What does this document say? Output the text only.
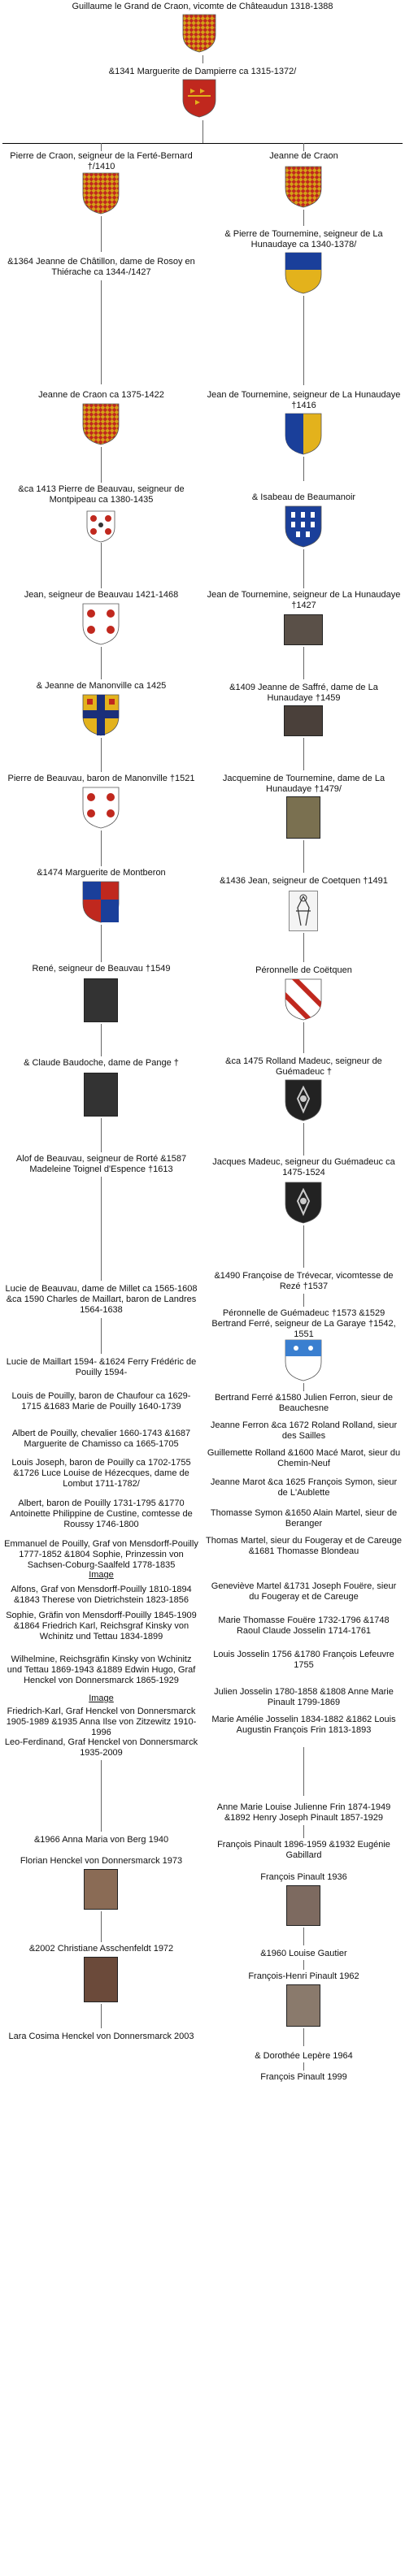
Guillaume le Grand de Craon, vicomte de Châteaudun 1318-1388
&1341 Marguerite de Dampierre ca 1315-1372/
Pierre de Craon, seigneur de la Ferté-Bernard †/1410
&1364 Jeanne de Châtillon, dame de Rosoy en Thiérache ca 1344-/1427
Jeanne de Craon ca 1375-1422
&ca 1413 Pierre de Beauvau, seigneur de Montpipeau ca 1380-1435
Jean, seigneur de Beauvau 1421-1468
& Jeanne de Manonville ca 1425
Pierre de Beauvau, baron de Manonville †1521
&1474 Marguerite de Montberon
René, seigneur de Beauvau †1549
& Claude Baudoche, dame de Pange †
Alof de Beauvau, seigneur de Rorté &1587 Madeleine Toignel d'Espence †1613
Lucie de Beauvau, dame de Millet ca 1565-1608 &ca 1590 Charles de Maillart, baron de Landres 1564-1638
Lucie de Maillart 1594- &1624 Ferry Frédéric de Pouilly 1594-
Louis de Pouilly, baron de Chaufour ca 1629-1715 &1683 Marie de Pouilly 1640-1739
Albert de Pouilly, chevalier 1660-1743 &1687 Marguerite de Chamisso ca 1665-1705
Louis Joseph, baron de Pouilly ca 1702-1755 &1726 Luce Louise de Hézecques, dame de Lombut 1711-1782/
Albert, baron de Pouilly 1731-1795 &1770 Antoinette Philippine de Custine, comtesse de Roussy 1746-1800
Emmanuel de Pouilly, Graf von Mensdorff-Pouilly 1777-1852 &1804 Sophie, Prinzessin von Sachsen-Coburg-Saalfeld 1778-1835
Image
Alfons, Graf von Mensdorff-Pouilly 1810-1894 &1843 Therese von Dietrichstein 1823-1856
Sophie, Gräfin von Mensdorff-Pouilly 1845-1909 &1864 Friedrich Karl, Reichsgraf Kinsky von Wchinitz und Tettau 1834-1899
Wilhelmine, Reichsgräfin Kinsky von Wchinitz und Tettau 1869-1943 &1889 Edwin Hugo, Graf Henckel von Donnersmarck 1865-1929
Image
Friedrich-Karl, Graf Henckel von Donnersmarck 1905-1989 &1935 Anna Ilse von Zitzewitz 1910-1996
Leo-Ferdinand, Graf Henckel von Donnersmarck 1935-2009
&1966 Anna Maria von Berg 1940
Florian Henckel von Donnersmarck 1973
&2002 Christiane Asschenfeldt 1972
Lara Cosima Henckel von Donnersmarck 2003
Jeanne de Craon
& Pierre de Tournemine, seigneur de La Hunaudaye ca 1340-1378/
Jean de Tournemine, seigneur de La Hunaudaye †1416
& Isabeau de Beaumanoir
Jean de Tournemine, seigneur de La Hunaudaye †1427
&1409 Jeanne de Saffré, dame de La Hunaudaye †1459
Jacquemine de Tournemine, dame de La Hunaudaye †1479/
&1436 Jean, seigneur de Coetquen †1491
Péronnelle de Coëtquen
&ca 1475 Rolland Madeuc, seigneur de Guémadeuc †
Jacques Madeuc, seigneur du Guémadeuc ca 1475-1524
&1490 Françoise de Trévecar, vicomtesse de Rezé †1537
Péronnelle de Guémadeuc †1573 &1529 Bertrand Ferré, seigneur de La Garaye †1542, 1551
Bertrand Ferré &1580 Julien Ferron, sieur de Beauchesne
Jeanne Ferron &ca 1672 Roland Rolland, sieur des Sailles
Guillemette Rolland &1600 Macé Marot, sieur du Chemin-Neuf
Jeanne Marot &ca 1625 François Symon, sieur de L'Aublette
Thomasse Symon &1650 Alain Martel, sieur de Beranger
Thomas Martel, sieur du Fougeray et de Careuge &1681 Thomasse Blondeau
Geneviève Martel &1731 Joseph Fouëre, sieur du Fougeray et de Careuge
Marie Thomasse Fouëre 1732-1796 &1748 Raoul Claude Josselin 1714-1761
Louis Josselin 1756 &1780 François Lefeuvre 1755
Julien Josselin 1780-1858 &1808 Anne Marie Pinault 1799-1869
Marie Amélie Josselin 1834-1882 &1862 Louis Augustin François Frin 1813-1893
Anne Marie Louise Julienne Frin 1874-1949 &1892 Henry Joseph Pinault 1857-1929
François Pinault 1896-1959 &1932 Eugénie Gabillard
François Pinault 1936
&1960 Louise Gautier
François-Henri Pinault 1962
& Dorothée Lepère 1964
François Pinault 1999
